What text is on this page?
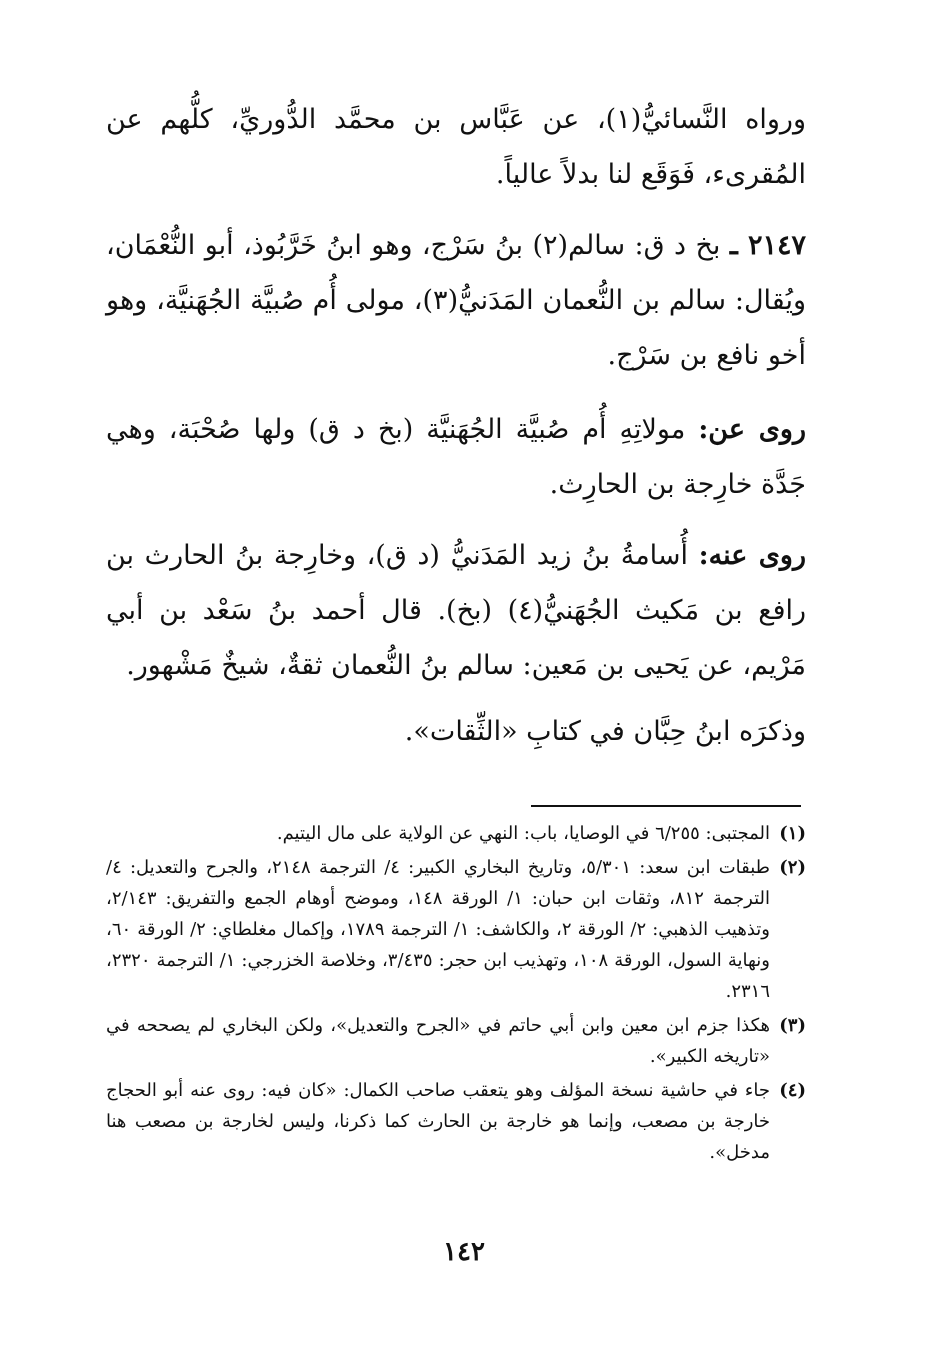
ورواه النَّسائيُّ(١)، عن عَبَّاس بن محمَّد الدُّوريِّ، كلُّهم عن المُقرىء، فَوَقَع لنا بدلاً عالياً.

٢١٤٧ ـ بخ د ق: سالم(٢) بنُ سَرْج، وهو ابنُ خَرَّبُوذ، أبو النُّعْمَان، ويُقال: سالم بن النُّعمان المَدَنيُّ(٣)، مولى أُم صُبيَّة الجُهَنيَّة، وهو أخو نافع بن سَرْج.

روى عن: مولاتِهِ أُم صُبيَّة الجُهَنيَّة (بخ د ق) ولها صُحْبَة، وهي جَدَّة خارِجة بن الحارِث.

روى عنه: أُسامةُ بنُ زيد المَدَنيُّ (د ق)، وخارِجة بنُ الحارث بن رافع بن مَكيث الجُهَنيُّ(٤) (بخ). قال أحمد بنُ سَعْد بن أبي مَرْيم، عن يَحيى بن مَعين: سالم بنُ النُّعمان ثقةٌ، شيخٌ مَشْهور.

وذكرَه ابنُ حِبَّان في كتابِ «الثِّقات».

(١)
المجتبى: ٦/٢٥٥ في الوصايا، باب: النهي عن الولاية على مال اليتيم.
(٢)
طبقات ابن سعد: ٥/٣٠١، وتاريخ البخاري الكبير: ٤/ الترجمة ٢١٤٨، والجرح والتعديل: ٤/ الترجمة ٨١٢، وثقات ابن حبان: ١/ الورقة ١٤٨، وموضح أوهام الجمع والتفريق: ٢/١٤٣، وتذهيب الذهبي: ٢/ الورقة ٢، والكاشف: ١/ الترجمة ١٧٨٩، وإكمال مغلطاي: ٢/ الورقة ٦٠، ونهاية السول، الورقة ١٠٨، وتهذيب ابن حجر: ٣/٤٣٥، وخلاصة الخزرجي: ١/ الترجمة ٢٣٢٠، ٢٣١٦.
(٣)
هكذا جزم ابن معين وابن أبي حاتم في «الجرح والتعديل»، ولكن البخاري لم يصححه في «تاريخه الكبير».
(٤)
جاء في حاشية نسخة المؤلف وهو يتعقب صاحب الكمال: «كان فيه: روى عنه أبو الحجاج خارجة بن مصعب، وإنما هو خارجة بن الحارث كما ذكرنا، وليس لخارجة بن مصعب هنا مدخل».

١٤٢
